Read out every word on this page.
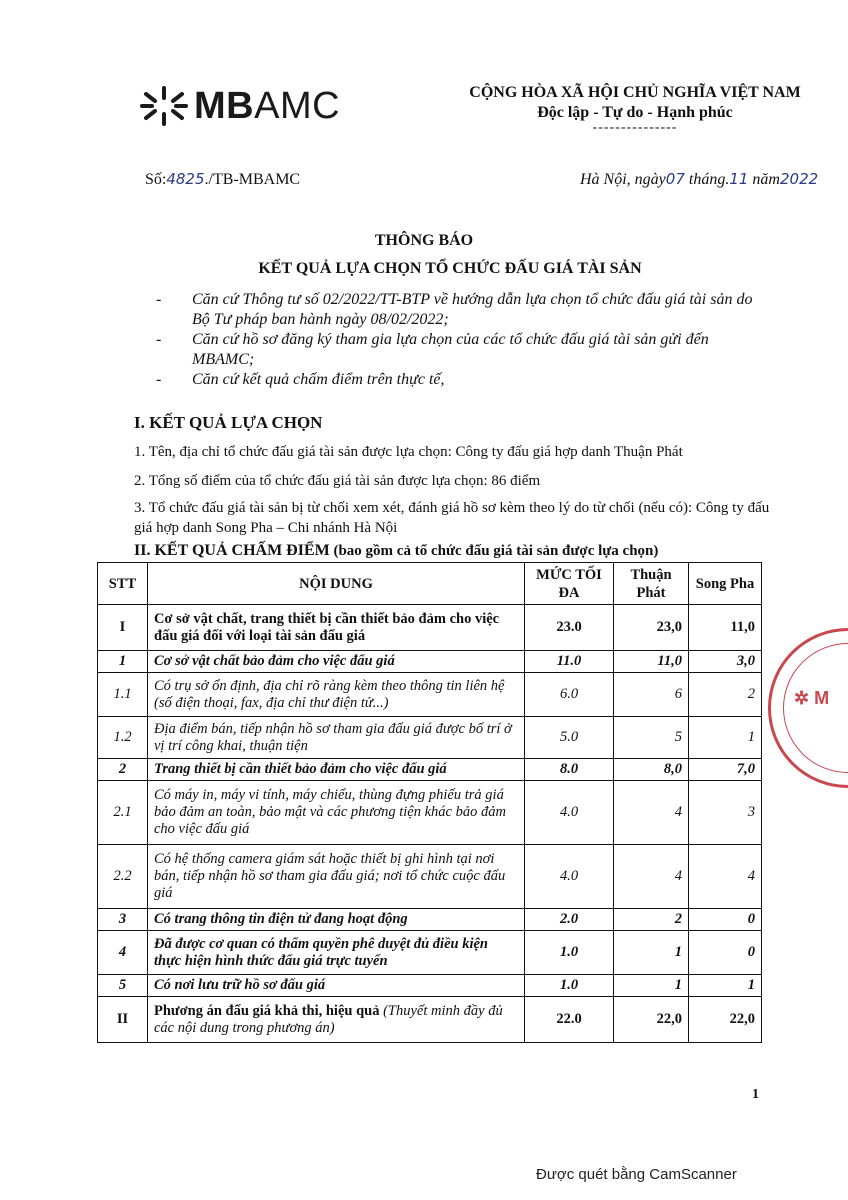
MBAMC	CỘNG HÒA XÃ HỘI CHỦ NGHĨA VIỆT NAM
Độc lập - Tự do - Hạnh phúc
---------------
Số:4825./TB-MBAMC	Hà Nội, ngày07 tháng.11 năm2022
THÔNG BÁO
KẾT QUẢ LỰA CHỌN TỔ CHỨC ĐẤU GIÁ TÀI SẢN
-	Căn cứ Thông tư số 02/2022/TT-BTP về hướng dẫn lựa chọn tổ chức đấu giá tài sản do Bộ Tư pháp ban hành ngày 08/02/2022;
-	Căn cứ hồ sơ đăng ký tham gia lựa chọn của các tổ chức đấu giá tài sản gửi đến MBAMC;
-	Căn cứ kết quả chấm điểm trên thực tế,
I. KẾT QUẢ LỰA CHỌN
1. Tên, địa chỉ tổ chức đấu giá tài sản được lựa chọn: Công ty đấu giá hợp danh Thuận Phát
2. Tổng số điểm của tổ chức đấu giá tài sản được lựa chọn: 86 điểm
3. Tổ chức đấu giá tài sản bị từ chối xem xét, đánh giá hồ sơ kèm theo lý do từ chối (nếu có): Công ty đấu giá hợp danh Song Pha – Chi nhánh Hà Nội
II. KẾT QUẢ CHẤM ĐIỂM (bao gồm cả tổ chức đấu giá tài sản được lựa chọn)
STT	NỘI DUNG	MỨC TỐI ĐA	Thuận Phát	Song Pha
I	Cơ sở vật chất, trang thiết bị cần thiết bảo đảm cho việc đấu giá đối với loại tài sản đấu giá	23.0	23,0	11,0
1	Cơ sở vật chất bảo đảm cho việc đấu giá	11.0	11,0	3,0
1.1	Có trụ sở ổn định, địa chỉ rõ ràng kèm theo thông tin liên hệ (số điện thoại, fax, địa chỉ thư điện tử...)	6.0	6	2
1.2	Địa điểm bán, tiếp nhận hồ sơ tham gia đấu giá được bố trí ở vị trí công khai, thuận tiện	5.0	5	1
2	Trang thiết bị cần thiết bảo đảm cho việc đấu giá	8.0	8,0	7,0
2.1	Có máy in, máy vi tính, máy chiếu, thùng đựng phiếu trả giá bảo đảm an toàn, bảo mật và các phương tiện khác bảo đảm cho việc đấu giá	4.0	4	3
2.2	Có hệ thống camera giám sát hoặc thiết bị ghi hình tại nơi bán, tiếp nhận hồ sơ tham gia đấu giá; nơi tổ chức cuộc đấu giá	4.0	4	4
3	Có trang thông tin điện tử đang hoạt động	2.0	2	0
4	Đã được cơ quan có thẩm quyền phê duyệt đủ điều kiện thực hiện hình thức đấu giá trực tuyến	1.0	1	0
5	Có nơi lưu trữ hồ sơ đấu giá	1.0	1	1
II	Phương án đấu giá khả thi, hiệu quả (Thuyết minh đầy đủ các nội dung trong phương án)	22.0	22,0	22,0
✲ M
1
Được quét bằng CamScanner
